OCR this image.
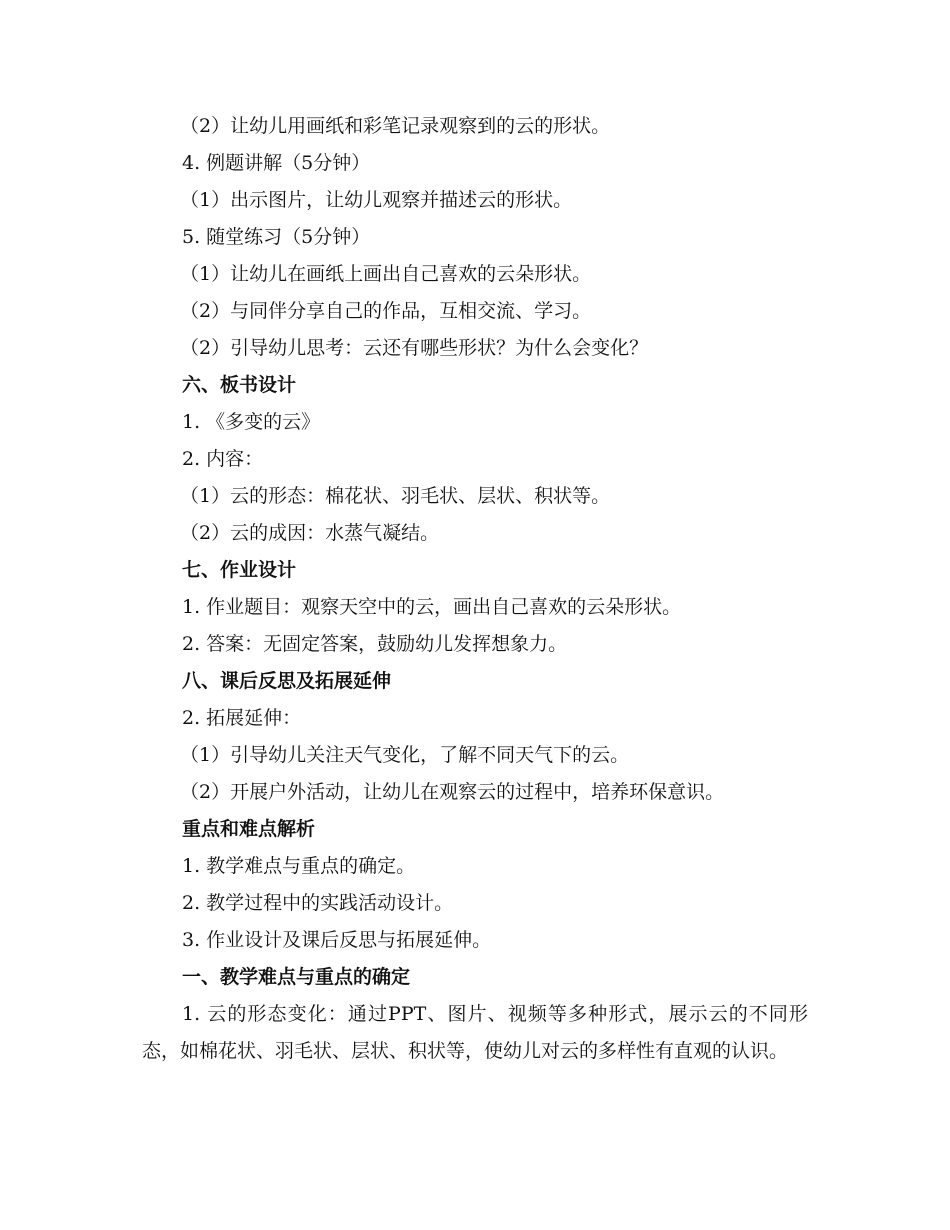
（2）让幼儿用画纸和彩笔记录观察到的云的形状。
4. 例题讲解（5分钟）
（1）出示图片，让幼儿观察并描述云的形状。
5. 随堂练习（5分钟）
（1）让幼儿在画纸上画出自己喜欢的云朵形状。
（2）与同伴分享自己的作品，互相交流、学习。
（2）引导幼儿思考：云还有哪些形状？为什么会变化？
六、板书设计
1. 《多变的云》
2. 内容：
（1）云的形态：棉花状、羽毛状、层状、积状等。
（2）云的成因：水蒸气凝结。
七、作业设计
1. 作业题目：观察天空中的云，画出自己喜欢的云朵形状。
2. 答案：无固定答案，鼓励幼儿发挥想象力。
八、课后反思及拓展延伸
2. 拓展延伸：
（1）引导幼儿关注天气变化，了解不同天气下的云。
（2）开展户外活动，让幼儿在观察云的过程中，培养环保意识。
重点和难点解析
1. 教学难点与重点的确定。
2. 教学过程中的实践活动设计。
3. 作业设计及课后反思与拓展延伸。
一、教学难点与重点的确定
1. 云的形态变化：通过PPT、图片、视频等多种形式，展示云的不同形态，如棉花状、羽毛状、层状、积状等，使幼儿对云的多样性有直观的认识。
